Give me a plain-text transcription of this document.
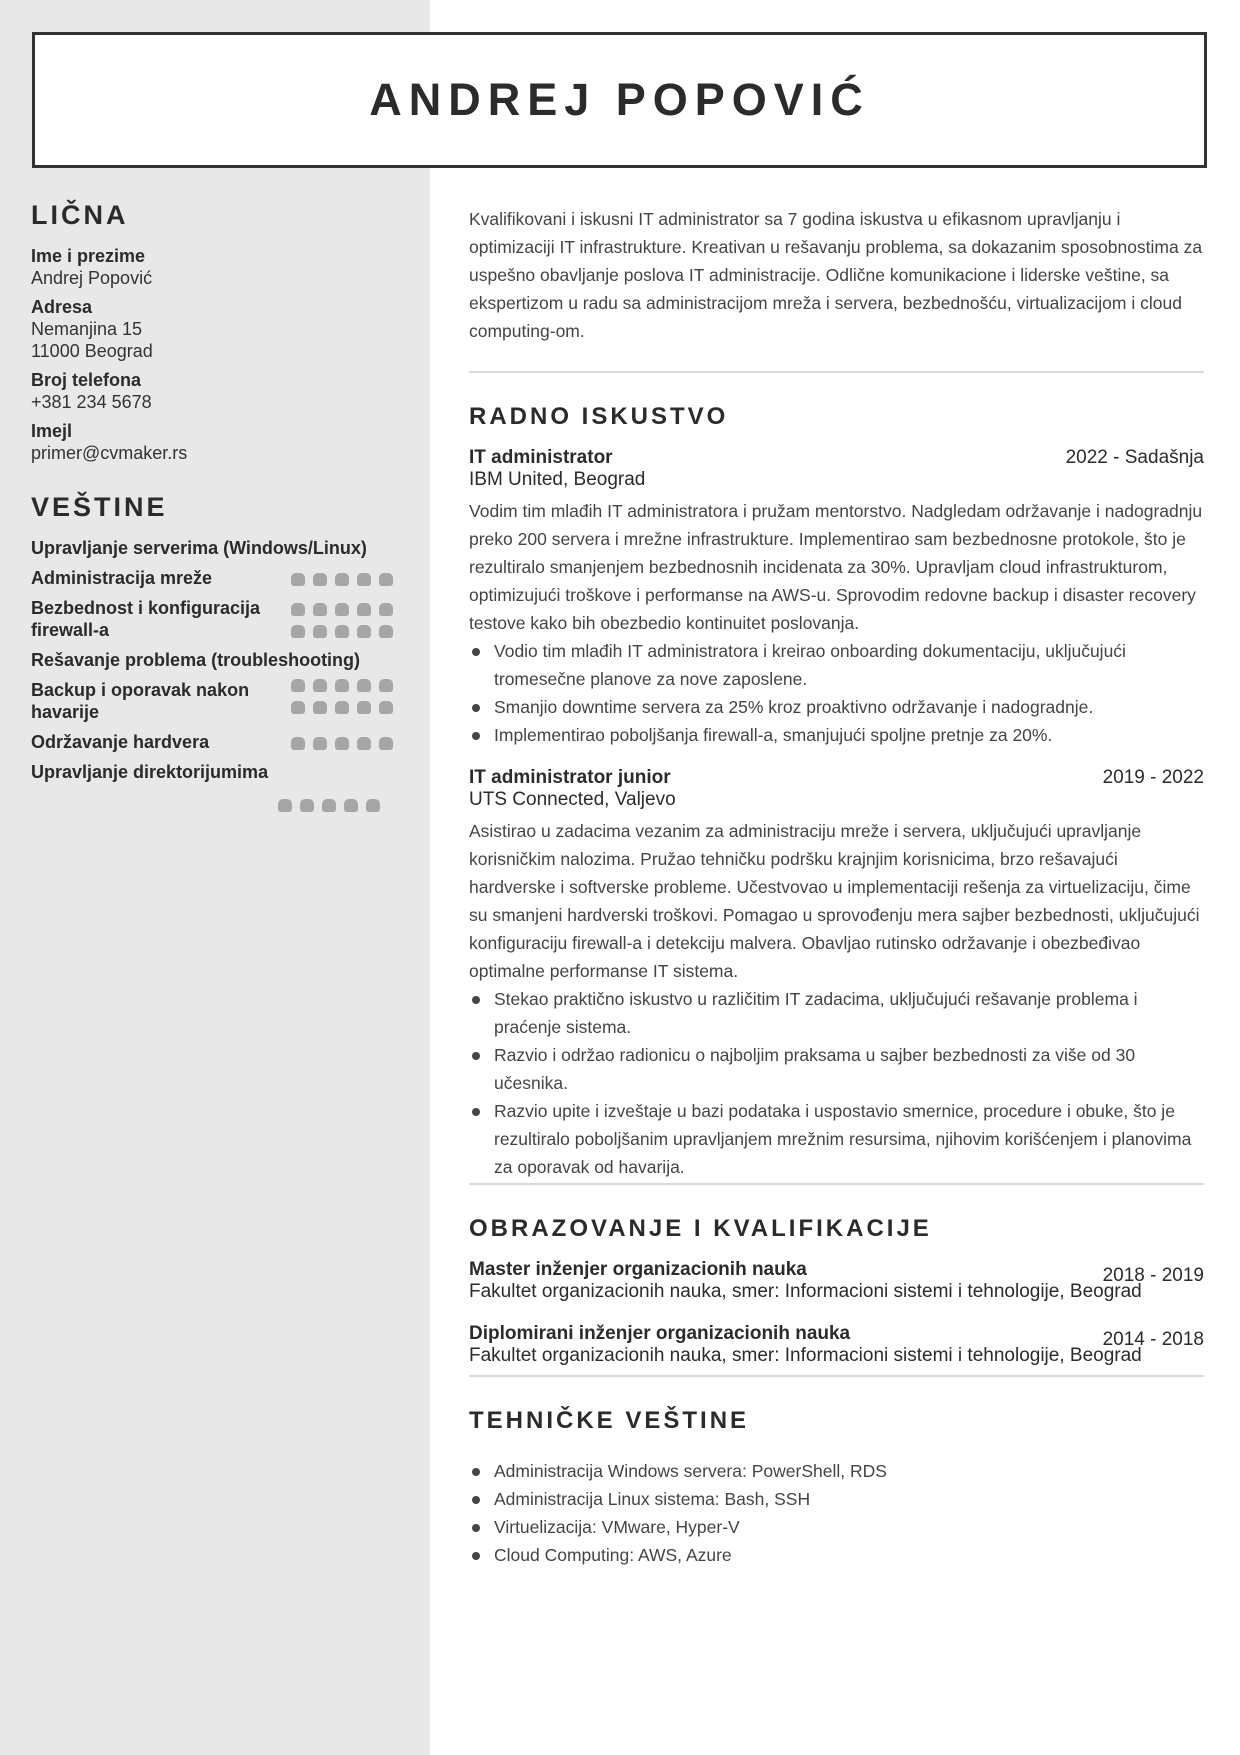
ANDREJ POPOVIĆ
LIČNA
Ime i prezime
Andrej Popović
Adresa
Nemanjina 15
11000 Beograd
Broj telefona
+381 234 5678
Imejl
primer@cvmaker.rs
VEŠTINE
Upravljanje serverima (Windows/Linux)
Administracija mreže
Bezbednost i konfiguracija firewall-a
Rešavanje problema (troubleshooting)
Backup i oporavak nakon havarije
Održavanje hardvera
Upravljanje direktorijumima

Kvalifikovani i iskusni IT administrator sa 7 godina iskustva u efikasnom upravljanju i optimizaciji IT infrastrukture. Kreativan u rešavanju problema, sa dokazanim sposobnostima za uspešno obavljanje poslova IT administracije. Odlične komunikacione i liderske veštine, sa ekspertizom u radu sa administracijom mreža i servera, bezbednošću, virtualizacijom i cloud computing-om.

RADNO ISKUSTVO
IT administrator	2022 - Sadašnja
IBM United, Beograd

Vodim tim mlađih IT administratora i pružam mentorstvo. Nadgledam održavanje i nadogradnju preko 200 servera i mrežne infrastrukture. Implementirao sam bezbednosne protokole, što je rezultiralo smanjenjem bezbednosnih incidenata za 30%. Upravljam cloud infrastrukturom, optimizujući troškove i performanse na AWS-u. Sprovodim redovne backup i disaster recovery testove kako bih obezbedio kontinuitet poslovanja.

Vodio tim mlađih IT administratora i kreirao onboarding dokumentaciju, uključujući tromesečne planove za nove zaposlene.
Smanjio downtime servera za 25% kroz proaktivno održavanje i nadogradnje.
Implementirao poboljšanja firewall-a, smanjujući spoljne pretnje za 20%.
IT administrator junior	2019 - 2022
UTS Connected, Valjevo

Asistirao u zadacima vezanim za administraciju mreže i servera, uključujući upravljanje korisničkim nalozima. Pružao tehničku podršku krajnjim korisnicima, brzo rešavajući hardverske i softverske probleme. Učestvovao u implementaciji rešenja za virtuelizaciju, čime su smanjeni hardverski troškovi. Pomagao u sprovođenju mera sajber bezbednosti, uključujući konfiguraciju firewall-a i detekciju malvera. Obavljao rutinsko održavanje i obezbeđivao optimalne performanse IT sistema.

Stekao praktično iskustvo u različitim IT zadacima, uključujući rešavanje problema i praćenje sistema.
Razvio i održao radionicu o najboljim praksama u sajber bezbednosti za više od 30 učesnika.
Razvio upite i izveštaje u bazi podataka i uspostavio smernice, procedure i obuke, što je rezultiralo poboljšanim upravljanjem mrežnim resursima, njihovim korišćenjem i planovima za oporavak od havarija.
OBRAZOVANJE I KVALIFIKACIJE
Master inženjer organizacionih nauka	2018 - 2019
Fakultet organizacionih nauka, smer: Informacioni sistemi i tehnologije, Beograd
Diplomirani inženjer organizacionih nauka	2014 - 2018
Fakultet organizacionih nauka, smer: Informacioni sistemi i tehnologije, Beograd
TEHNIČKE VEŠTINE
Administracija Windows servera: PowerShell, RDS
Administracija Linux sistema: Bash, SSH
Virtuelizacija: VMware, Hyper-V
Cloud Computing: AWS, Azure
